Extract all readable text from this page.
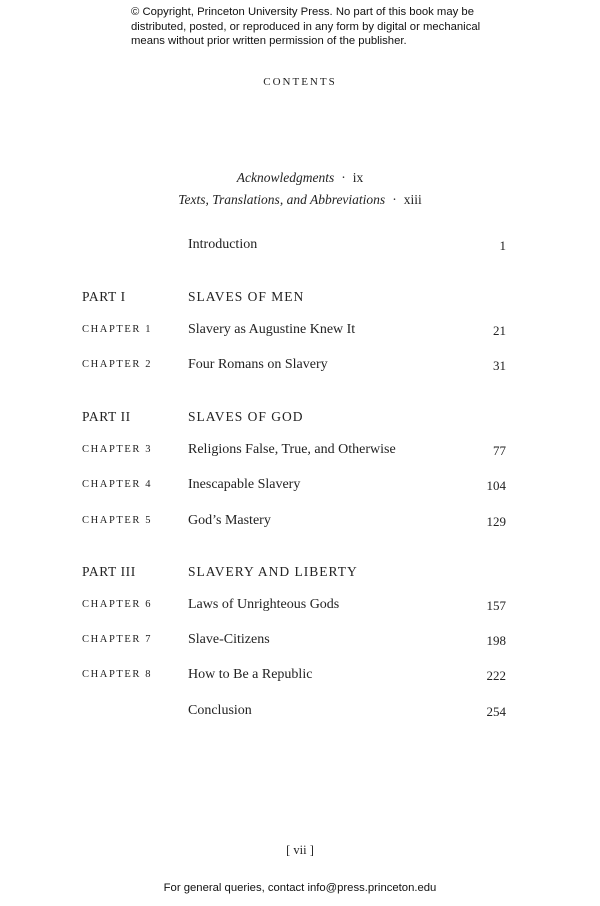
© Copyright, Princeton University Press. No part of this book may be
distributed, posted, or reproduced in any form by digital or mechanical
means without prior written permission of the publisher.
CONTENTS
Acknowledgments · ix
Texts, Translations, and Abbreviations · xiii
Introduction	1
PART I	SLAVES OF MEN
CHAPTER 1	Slavery as Augustine Knew It	21
CHAPTER 2	Four Romans on Slavery	31
PART II	SLAVES OF GOD
CHAPTER 3	Religions False, True, and Otherwise	77
CHAPTER 4	Inescapable Slavery	104
CHAPTER 5	God’s Mastery	129
PART III	SLAVERY AND LIBERTY
CHAPTER 6	Laws of Unrighteous Gods	157
CHAPTER 7	Slave-Citizens	198
CHAPTER 8	How to Be a Republic	222
Conclusion	254
[ vii ]
For general queries, contact info@press.princeton.edu
